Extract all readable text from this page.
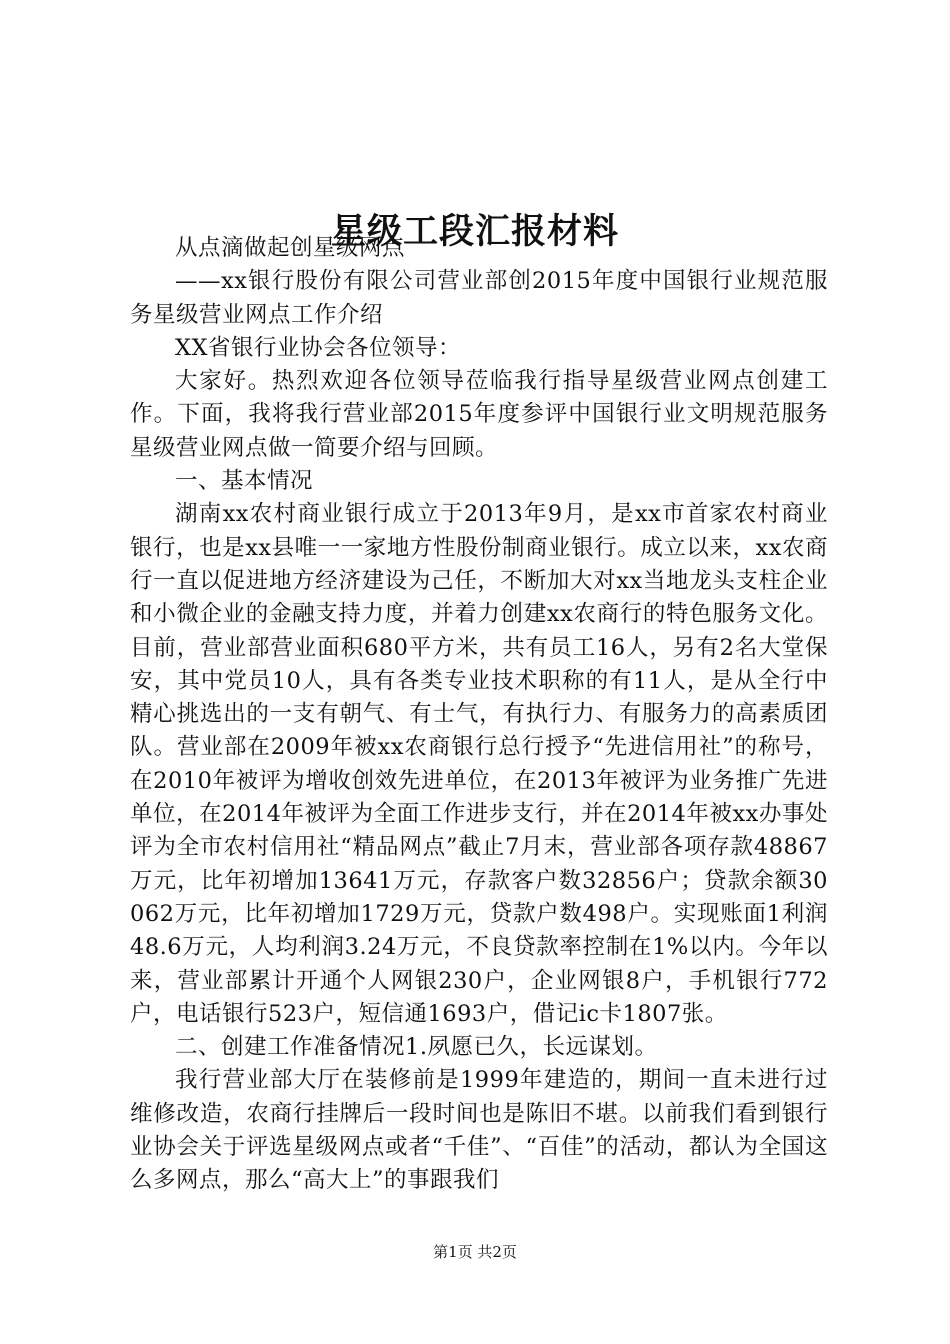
星级工段汇报材料

从点滴做起创星级网点

——xx银行股份有限公司营业部创2015年度中国银行业规范服务星级营业网点工作介绍

XX省银行业协会各位领导：

大家好。热烈欢迎各位领导莅临我行指导星级营业网点创建工作。下面，我将我行营业部2015年度参评中国银行业文明规范服务星级营业网点做一简要介绍与回顾。

一、基本情况

湖南xx农村商业银行成立于2013年9月，是xx市首家农村商业银行，也是xx县唯一一家地方性股份制商业银行。成立以来，xx农商行一直以促进地方经济建设为己任，不断加大对xx当地龙头支柱企业和小微企业的金融支持力度，并着力创建xx农商行的特色服务文化。目前，营业部营业面积680平方米，共有员工16人，另有2名大堂保安，其中党员10人，具有各类专业技术职称的有11人，是从全行中精心挑选出的一支有朝气、有士气，有执行力、有服务力的高素质团队。营业部在2009年被xx农商银行总行授予“先进信用社”的称号，在2010年被评为增收创效先进单位，在2013年被评为业务推广先进单位，在2014年被评为全面工作进步支行，并在2014年被xx办事处评为全市农村信用社“精品网点”截止7月末，营业部各项存款48867万元，比年初增加13641万元，存款客户数32856户；贷款余额30062万元，比年初增加1729万元，贷款户数498户。实现账面1利润48.6万元，人均利润3.24万元，不良贷款率控制在1%以内。今年以来，营业部累计开通个人网银230户，企业网银8户，手机银行772户，电话银行523户，短信通1693户，借记ic卡1807张。

二、创建工作准备情况1.夙愿已久，长远谋划。

我行营业部大厅在装修前是1999年建造的，期间一直未进行过维修改造，农商行挂牌后一段时间也是陈旧不堪。以前我们看到银行业协会关于评选星级网点或者“千佳”、“百佳”的活动，都认为全国这么多网点，那么“高大上”的事跟我们

第1页 共2页
